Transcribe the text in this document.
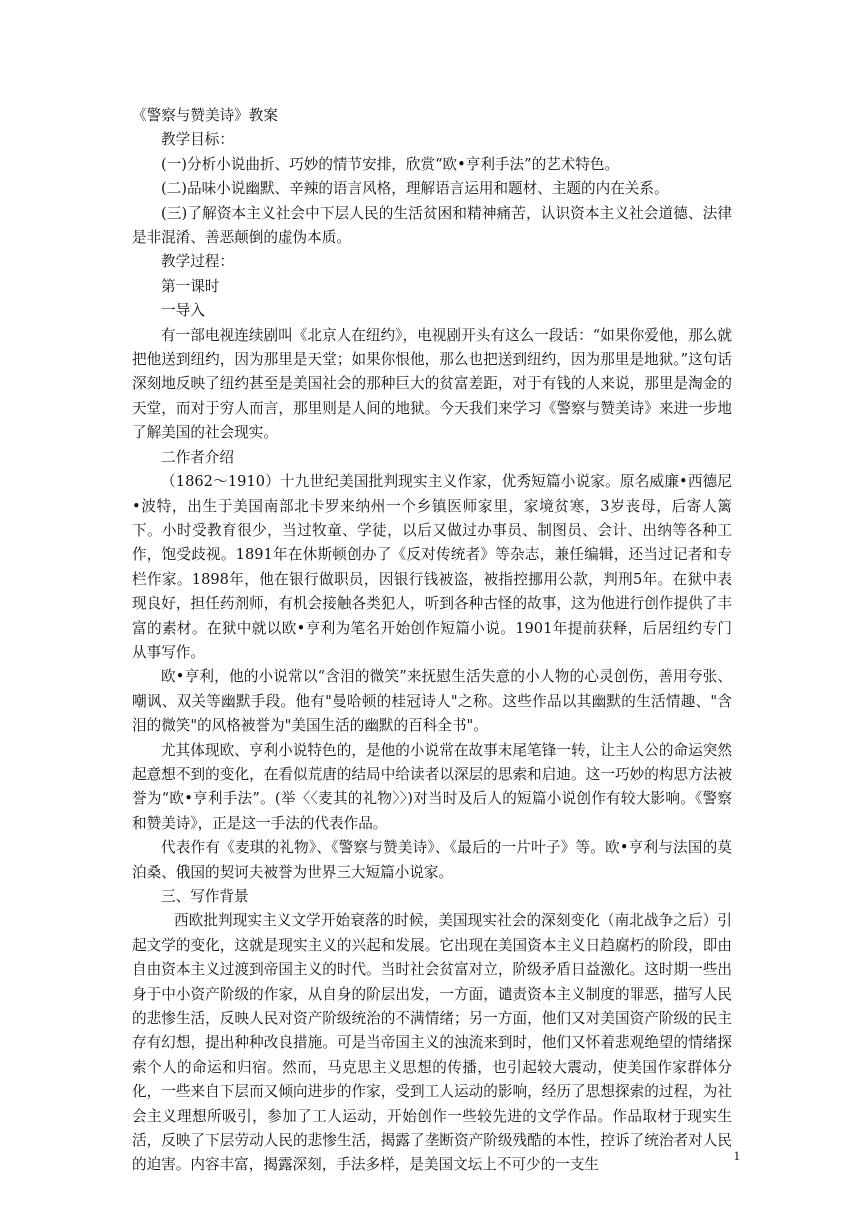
《警察与赞美诗》教案

教学目标：

(一)分析小说曲折、巧妙的情节安排，欣赏“欧•亨利手法”的艺术特色。

(二)品味小说幽默、辛辣的语言风格，理解语言运用和题材、主题的内在关系。

(三)了解资本主义社会中下层人民的生活贫困和精神痛苦，认识资本主义社会道德、法律是非混淆、善恶颠倒的虚伪本质。

教学过程：

第一课时

一导入

有一部电视连续剧叫《北京人在纽约》，电视剧开头有这么一段话：“如果你爱他，那么就把他送到纽约，因为那里是天堂；如果你恨他，那么也把送到纽约，因为那里是地狱。”这句话深刻地反映了纽约甚至是美国社会的那种巨大的贫富差距，对于有钱的人来说，那里是淘金的天堂，而对于穷人而言，那里则是人间的地狱。今天我们来学习《警察与赞美诗》来进一步地了解美国的社会现实。

二作者介绍

（1862～1910）十九世纪美国批判现实主义作家，优秀短篇小说家。原名威廉•西德尼•波特，出生于美国南部北卡罗来纳州一个乡镇医师家里，家境贫寒，3岁丧母，后寄人篱下。小时受教育很少，当过牧童、学徒，以后又做过办事员、制图员、会计、出纳等各种工作，饱受歧视。1891年在休斯顿创办了《反对传统者》等杂志，兼任编辑，还当过记者和专栏作家。1898年，他在银行做职员，因银行钱被盗，被指控挪用公款，判刑5年。在狱中表现良好，担任药剂师，有机会接触各类犯人，听到各种古怪的故事，这为他进行创作提供了丰富的素材。在狱中就以欧•亨利为笔名开始创作短篇小说。1901年提前获释，后居纽约专门从事写作。

欧•亨利，他的小说常以“含泪的微笑”来抚慰生活失意的小人物的心灵创伤，善用夸张、嘲讽、双关等幽默手段。他有"曼哈顿的桂冠诗人"之称。这些作品以其幽默的生活情趣、"含泪的微笑"的风格被誉为"美国生活的幽默的百科全书"。

尤其体现欧、亨利小说特色的，是他的小说常在故事末尾笔锋一转，让主人公的命运突然起意想不到的变化，在看似荒唐的结局中给读者以深层的思索和启迪。这一巧妙的构思方法被誉为“欧•亨利手法”。(举〈〈麦其的礼物〉〉)对当时及后人的短篇小说创作有较大影响。《警察和赞美诗》，正是这一手法的代表作品。

代表作有《麦琪的礼物》、《警察与赞美诗》、《最后的一片叶子》等。欧•亨利与法国的莫泊桑、俄国的契诃夫被誉为世界三大短篇小说家。

三、写作背景

西欧批判现实主义文学开始衰落的时候，美国现实社会的深刻变化（南北战争之后）引起文学的变化，这就是现实主义的兴起和发展。它出现在美国资本主义日趋腐朽的阶段，即由自由资本主义过渡到帝国主义的时代。当时社会贫富对立，阶级矛盾日益激化。这时期一些出身于中小资产阶级的作家，从自身的阶层出发，一方面，谴责资本主义制度的罪恶，描写人民的悲惨生活，反映人民对资产阶级统治的不满情绪；另一方面，他们又对美国资产阶级的民主存有幻想，提出种种改良措施。可是当帝国主义的浊流来到时，他们又怀着悲观绝望的情绪探索个人的命运和归宿。然而，马克思主义思想的传播，也引起较大震动，使美国作家群体分化，一些来自下层而又倾向进步的作家，受到工人运动的影响，经历了思想探索的过程，为社会主义理想所吸引，参加了工人运动，开始创作一些较先进的文学作品。作品取材于现实生活，反映了下层劳动人民的悲惨生活，揭露了垄断资产阶级残酷的本性，控诉了统治者对人民的迫害。内容丰富，揭露深刻，手法多样，是美国文坛上不可少的一支生

1
